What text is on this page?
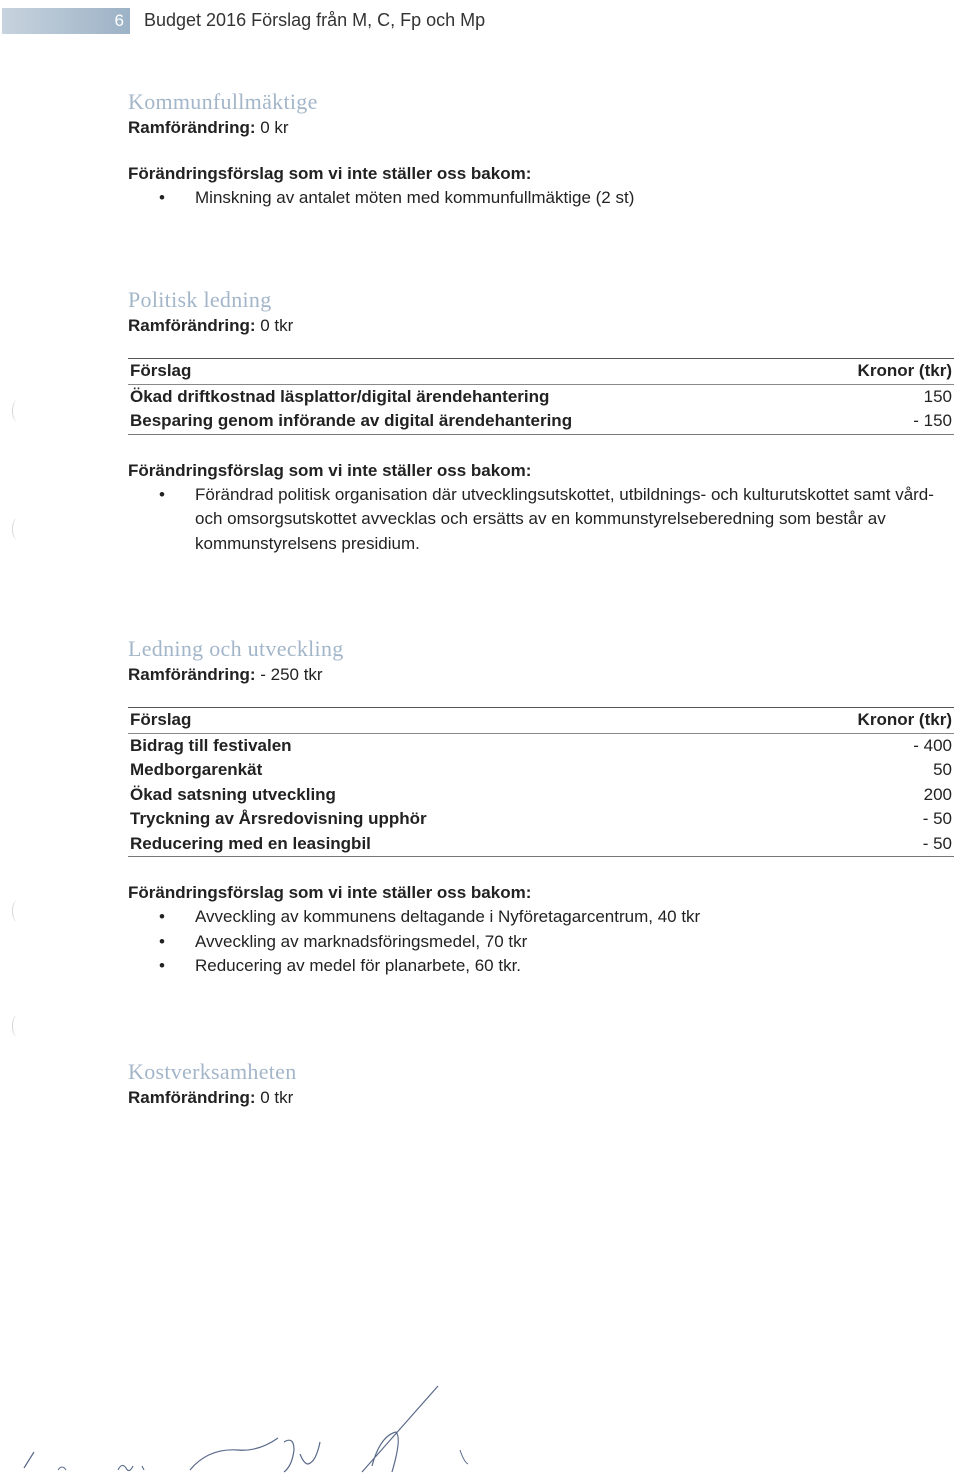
6 Budget 2016 Förslag från M, C, Fp och Mp
Kommunfullmäktige
Ramförändring: 0 kr
Förändringsförslag som vi inte ställer oss bakom:
• Minskning av antalet möten med kommunfullmäktige (2 st)
Politisk ledning
Ramförändring: 0 tkr
Förslag	Kronor (tkr)
Ökad driftkostnad läsplattor/digital ärendehantering	150
Besparing genom införande av digital ärendehantering	- 150
Förändringsförslag som vi inte ställer oss bakom:
• Förändrad politisk organisation där utvecklingsutskottet, utbildnings- och kulturutskottet samt vård- och omsorgsutskottet avvecklas och ersätts av en kommunstyrelseberedning som består av kommunstyrelsens presidium.
Ledning och utveckling
Ramförändring: - 250 tkr
Förslag	Kronor (tkr)
Bidrag till festivalen	- 400
Medborgarenkät	50
Ökad satsning utveckling	200
Tryckning av Årsredovisning upphör	- 50
Reducering med en leasingbil	- 50
Förändringsförslag som vi inte ställer oss bakom:
• Avveckling av kommunens deltagande i Nyföretagarcentrum, 40 tkr
• Avveckling av marknadsföringsmedel, 70 tkr
• Reducering av medel för planarbete, 60 tkr.
Kostverksamheten
Ramförändring: 0 tkr
